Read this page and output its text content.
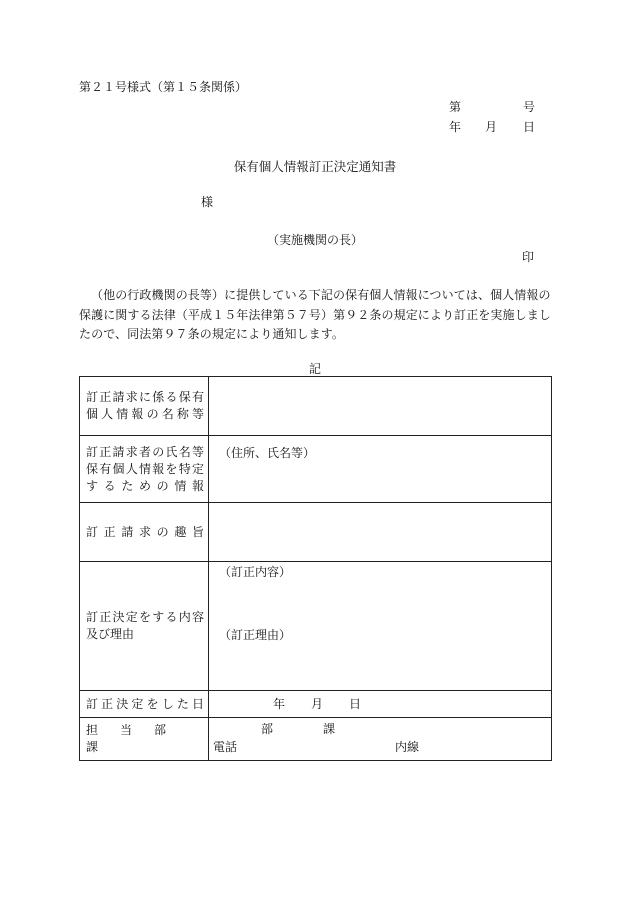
第２１号様式（第１５条関係）
第	号
年 月 日
保有個人情報訂正決定通知書
様
（実施機関の長）
印
（他の行政機関の長等）に提供している下記の保有個人情報については、個人情報の保護に関する法律（平成１５年法律第５７号）第９２条の規定により訂正を実施しましたので、同法第９７条の規定により通知します。
記
訂正請求に係る保有個人情報の名称等	

訂正請求者の氏名等保有個人情報を特定するための情報	（住所、氏名等）

訂正請求の趣旨	

訂正決定をする内容及び理由	（訂正内容）
（訂正理由）

訂正決定をした日	年 月 日

担当部課	部 課
電話 内線
